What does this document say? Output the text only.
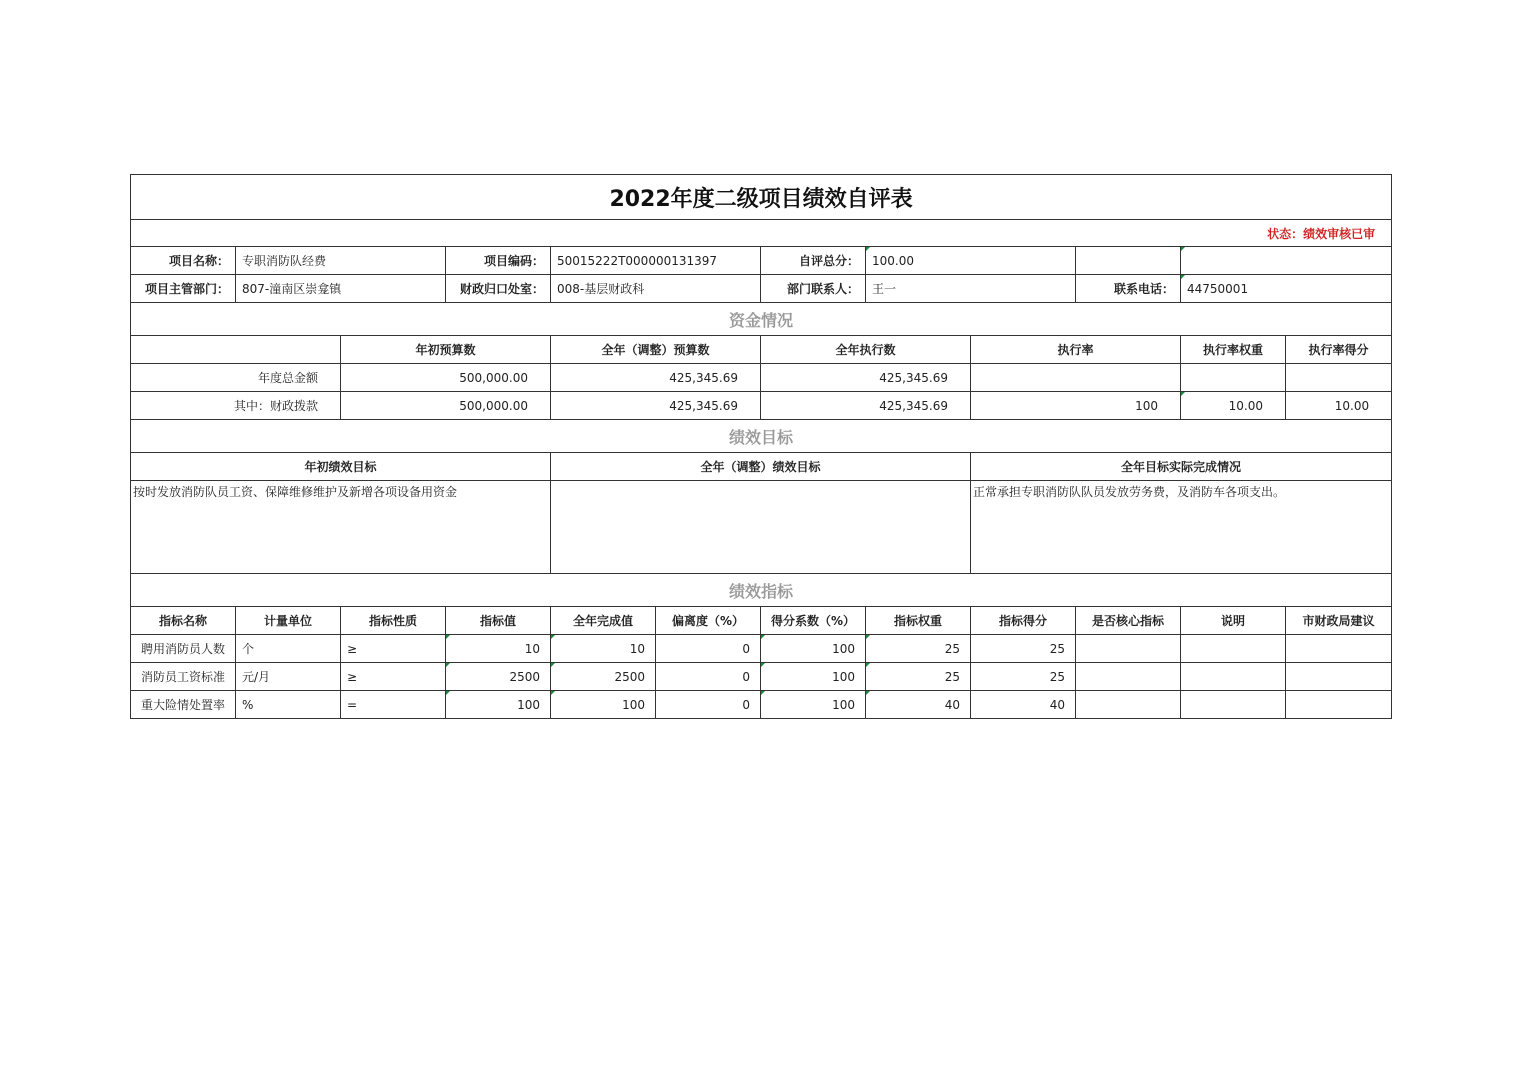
2022年度二级项目绩效自评表											
状态：绩效审核已审											
项目名称：	专职消防队经费		项目编码：	50015222T000000131397		自评总分：	100.00				
项目主管部门：	807-潼南区崇龛镇		财政归口处室：	008-基层财政科		部门联系人：	王一		联系电话：	44750001	
资金情况											
		年初预算数		全年（调整）预算数		全年执行数		执行率		执行率权重	执行率得分
年度总金额		500,000.00		425,345.69		425,345.69					
其中：财政拨款		500,000.00		425,345.69		425,345.69		100		10.00	10.00
绩效目标											
年初绩效目标				全年（调整）绩效目标				全年目标实际完成情况			
按时发放消防队员工资、保障维修维护及新增各项设备用资金								正常承担专职消防队队员发放劳务费，及消防车各项支出。			
绩效指标											
指标名称	计量单位	指标性质	指标值	全年完成值	偏离度（%）	得分系数（%）	指标权重	指标得分	是否核心指标	说明	市财政局建议
聘用消防员人数	个	≥	10	10	0	100	25	25			
消防员工资标准	元/月	≥	2500	2500	0	100	25	25			
重大险情处置率	%	=	100	100	0	100	40	40			
